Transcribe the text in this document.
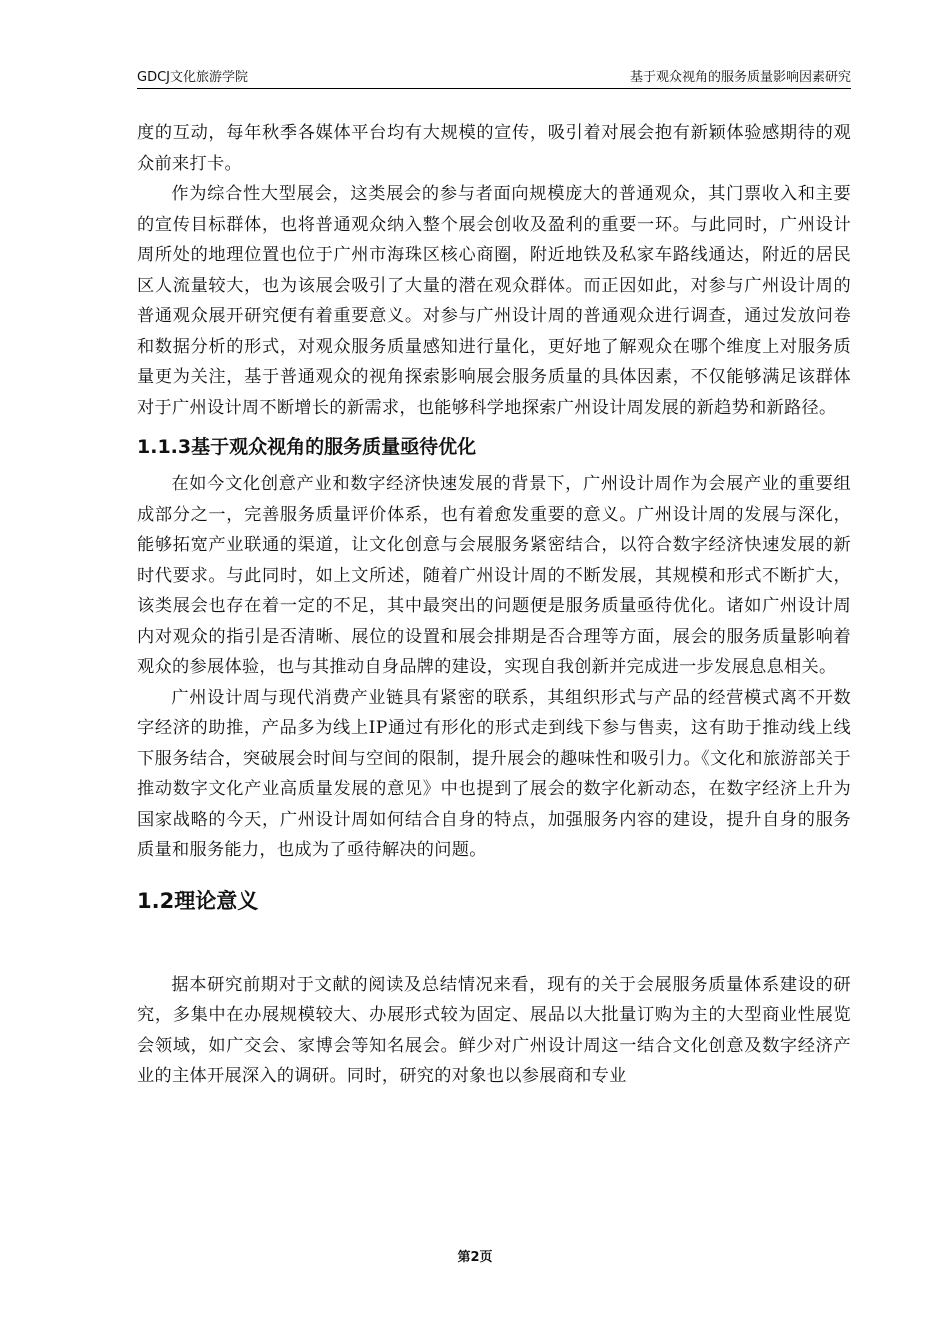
GDCJ文化旅游学院	基于观众视角的服务质量影响因素研究

度的互动，每年秋季各媒体平台均有大规模的宣传，吸引着对展会抱有新颖体验感期待的观众前来打卡。

作为综合性大型展会，这类展会的参与者面向规模庞大的普通观众，其门票收入和主要的宣传目标群体，也将普通观众纳入整个展会创收及盈利的重要一环。与此同时，广州设计周所处的地理位置也位于广州市海珠区核心商圈，附近地铁及私家车路线通达，附近的居民区人流量较大，也为该展会吸引了大量的潜在观众群体。而正因如此，对参与广州设计周的普通观众展开研究便有着重要意义。对参与广州设计周的普通观众进行调查，通过发放问卷和数据分析的形式，对观众服务质量感知进行量化，更好地了解观众在哪个维度上对服务质量更为关注，基于普通观众的视角探索影响展会服务质量的具体因素，不仅能够满足该群体对于广州设计周不断增长的新需求，也能够科学地探索广州设计周发展的新趋势和新路径。

1.1.3基于观众视角的服务质量亟待优化

在如今文化创意产业和数字经济快速发展的背景下，广州设计周作为会展产业的重要组成部分之一，完善服务质量评价体系，也有着愈发重要的意义。广州设计周的发展与深化，能够拓宽产业联通的渠道，让文化创意与会展服务紧密结合，以符合数字经济快速发展的新时代要求。与此同时，如上文所述，随着广州设计周的不断发展，其规模和形式不断扩大，该类展会也存在着一定的不足，其中最突出的问题便是服务质量亟待优化。诸如广州设计周内对观众的指引是否清晰、展位的设置和展会排期是否合理等方面，展会的服务质量影响着观众的参展体验，也与其推动自身品牌的建设，实现自我创新并完成进一步发展息息相关。

广州设计周与现代消费产业链具有紧密的联系，其组织形式与产品的经营模式离不开数字经济的助推，产品多为线上IP通过有形化的形式走到线下参与售卖，这有助于推动线上线下服务结合，突破展会时间与空间的限制，提升展会的趣味性和吸引力。《文化和旅游部关于推动数字文化产业高质量发展的意见》中也提到了展会的数字化新动态，在数字经济上升为国家战略的今天，广州设计周如何结合自身的特点，加强服务内容的建设，提升自身的服务质量和服务能力，也成为了亟待解决的问题。

1.2理论意义

据本研究前期对于文献的阅读及总结情况来看，现有的关于会展服务质量体系建设的研究，多集中在办展规模较大、办展形式较为固定、展品以大批量订购为主的大型商业性展览会领域，如广交会、家博会等知名展会。鲜少对广州设计周这一结合文化创意及数字经济产业的主体开展深入的调研。同时，研究的对象也以参展商和专业

第2页
